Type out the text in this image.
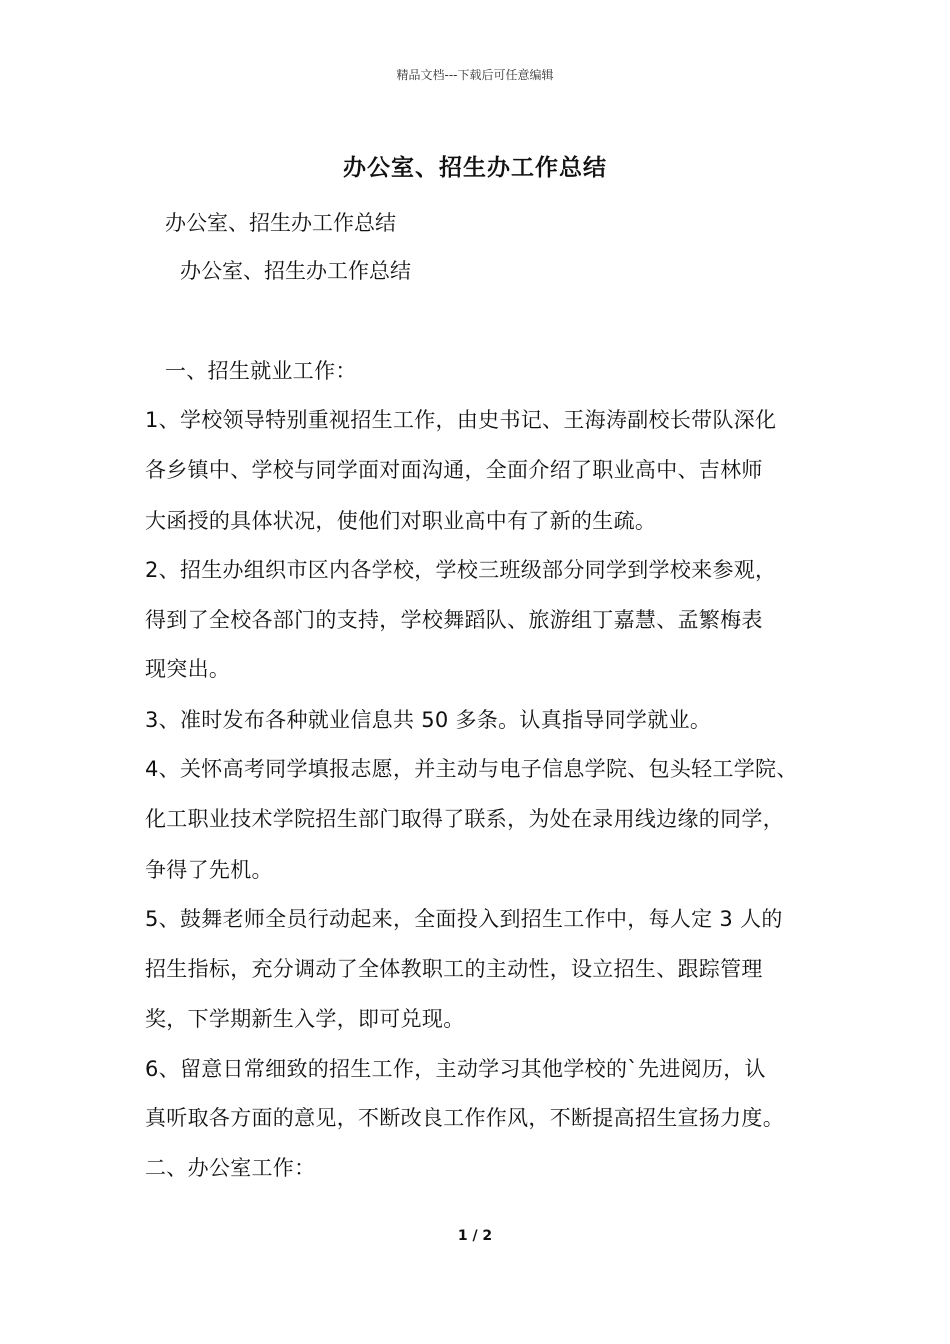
精品文档---下载后可任意编辑
办公室、招生办工作总结
办公室、招生办工作总结
办公室、招生办工作总结
一、招生就业工作：
1、学校领导特别重视招生工作，由史书记、王海涛副校长带队深化
各乡镇中、学校与同学面对面沟通，全面介绍了职业高中、吉林师
大函授的具体状况，使他们对职业高中有了新的生疏。
2、招生办组织市区内各学校，学校三班级部分同学到学校来参观，
得到了全校各部门的支持，学校舞蹈队、旅游组丁嘉慧、孟繁梅表
现突出。
3、准时发布各种就业信息共 50 多条。认真指导同学就业。
4、关怀高考同学填报志愿，并主动与电子信息学院、包头轻工学院、
化工职业技术学院招生部门取得了联系，为处在录用线边缘的同学，
争得了先机。
5、鼓舞老师全员行动起来，全面投入到招生工作中，每人定 3 人的
招生指标，充分调动了全体教职工的主动性，设立招生、跟踪管理
奖，下学期新生入学，即可兑现。
6、留意日常细致的招生工作，主动学习其他学校的`先进阅历，认
真听取各方面的意见，不断改良工作作风，不断提高招生宣扬力度。
二、办公室工作：
1 / 2
